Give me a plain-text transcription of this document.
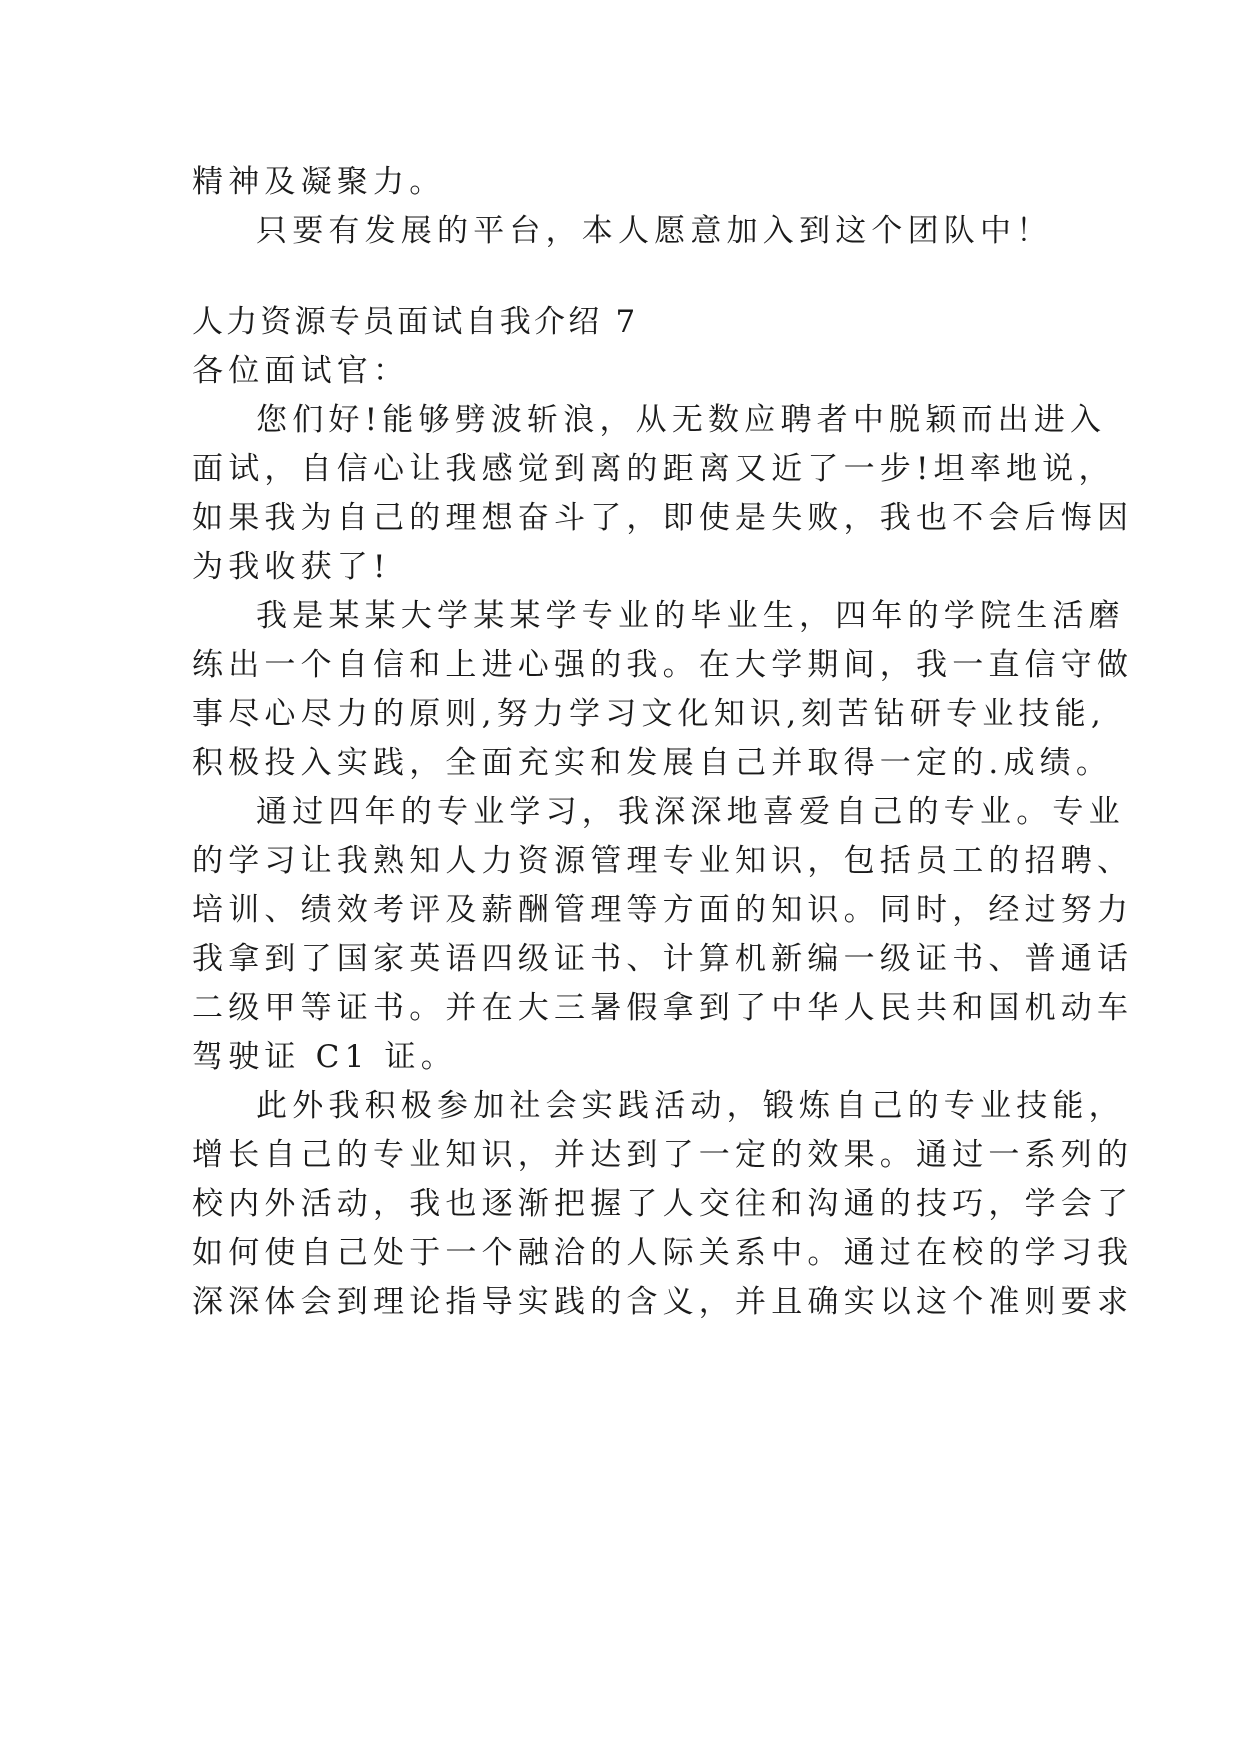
精神及凝聚力。

只要有发展的平台，本人愿意加入到这个团队中！

人力资源专员面试自我介绍 7

各位面试官：

您们好!能够劈波斩浪，从无数应聘者中脱颖而出进入

面试，自信心让我感觉到离的距离又近了一步!坦率地说，

如果我为自己的理想奋斗了，即使是失败，我也不会后悔因

为我收获了!

我是某某大学某某学专业的毕业生，四年的学院生活磨

练出一个自信和上进心强的我。在大学期间，我一直信守做

事尽心尽力的原则,努力学习文化知识,刻苦钻研专业技能,

积极投入实践，全面充实和发展自己并取得一定的.成绩。

通过四年的专业学习，我深深地喜爱自己的专业。专业

的学习让我熟知人力资源管理专业知识，包括员工的招聘、

培训、绩效考评及薪酬管理等方面的知识。同时，经过努力

我拿到了国家英语四级证书、计算机新编一级证书、普通话

二级甲等证书。并在大三暑假拿到了中华人民共和国机动车

驾驶证 C1 证。

此外我积极参加社会实践活动，锻炼自己的专业技能，

增长自己的专业知识，并达到了一定的效果。通过一系列的

校内外活动，我也逐渐把握了人交往和沟通的技巧，学会了

如何使自己处于一个融洽的人际关系中。通过在校的学习我

深深体会到理论指导实践的含义，并且确实以这个准则要求
